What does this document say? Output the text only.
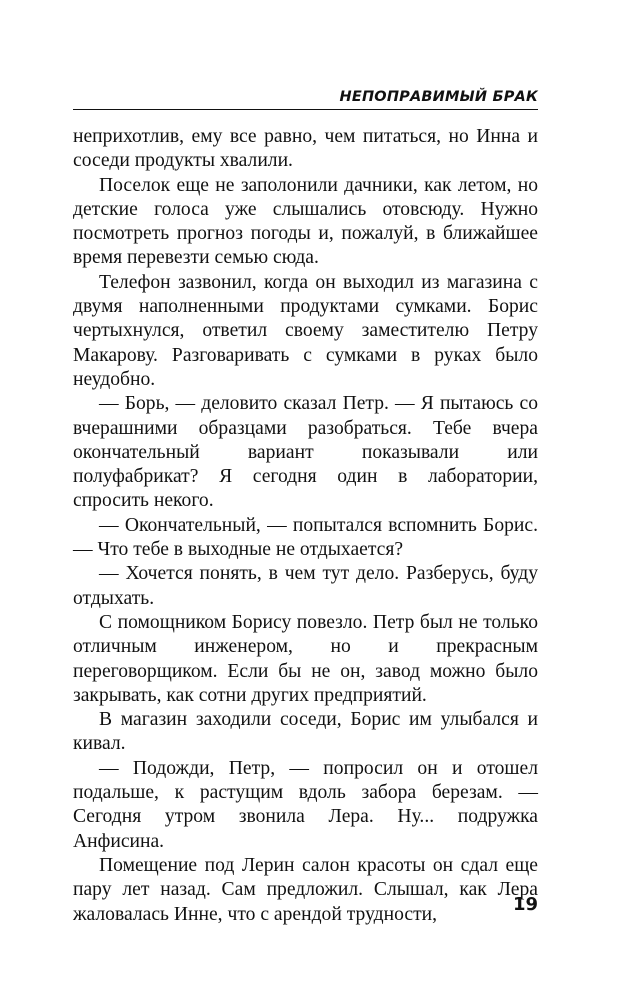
НЕПОПРАВИМЫЙ БРАК

неприхотлив, ему все равно, чем питаться, но Инна и соседи продукты хвалили.

Поселок еще не заполонили дачники, как летом, но детские голоса уже слышались отовсюду. Нужно посмотреть прогноз погоды и, пожалуй, в ближайшее время перевезти семью сюда.

Телефон зазвонил, когда он выходил из магазина с двумя наполненными продуктами сумками. Борис чертыхнулся, ответил своему заместителю Петру Макарову. Разговаривать с сумками в руках было неудобно.

— Борь, — деловито сказал Петр. — Я пытаюсь со вчерашними образцами разобраться. Тебе вчера окончательный вариант показывали или полуфабрикат? Я сегодня один в лаборатории, спросить некого.

— Окончательный, — попытался вспомнить Борис. — Что тебе в выходные не отдыхается?

— Хочется понять, в чем тут дело. Разберусь, буду отдыхать.

С помощником Борису повезло. Петр был не только отличным инженером, но и прекрасным переговорщиком. Если бы не он, завод можно было закрывать, как сотни других предприятий.

В магазин заходили соседи, Борис им улыбался и кивал.

— Подожди, Петр, — попросил он и отошел подальше, к растущим вдоль забора березам. — Сегодня утром звонила Лера. Ну... подружка Анфисина.

Помещение под Лерин салон красоты он сдал еще пару лет назад. Сам предложил. Слышал, как Лера жаловалась Инне, что с арендой трудности,	19
